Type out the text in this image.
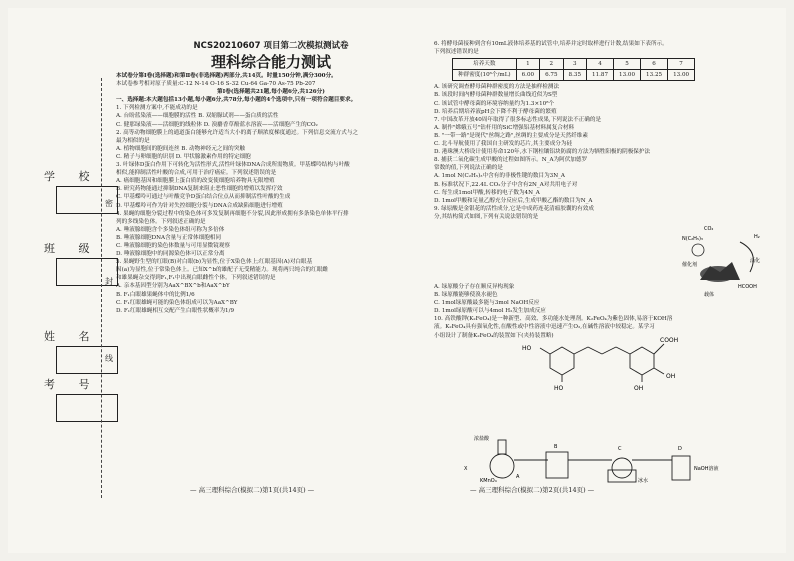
学 校
班 级
姓 名
考 号
密
封
线
NCS20210607 项目第二次模拟测试卷
理科综合能力测试
本试卷分第Ⅰ卷(选择题)和第Ⅱ卷(非选择题)两部分,共14页。时量150分钟,满分300分。
本试卷参考相对原子质量:C-12 N-14 O-16 S-32 Cu-64 Ga-70 As-75 Pb-207
第Ⅰ卷(选择题共21题,每小题6分,共126分)
一、选择题:本大题包括13小题,每小题6分,共78分,每小题的4个选项中,只有一项符合题目要求。
1. 下列检测方案中,不能成功的是
A. 台盼蓝染液——细胞膜的活性 B. 双缩脲试剂——蛋白质的活性
C. 健那绿染液——活细胞的线粒体 D. 溴麝香草酚蓝水溶液——活细胞产生的CO₂
2. 高等动物细胞膜上的通道蛋白能够允许适当大小的离子顺浓度梯度通过。下列信息交流方式与之
最为相似的是
A. 植物细胞间的胞间连丝 B. 动物神经元之间的突触
C. 精子与卵细胞的识别 D. 甲状腺激素作用的特定细胞
3. 叶绿体D蛋白作用下可转化为活性形式,活性叶绿体DNA合成所需物质。甲基蝶呤结构与叶酸
相似,能抑制活性叶酸的合成,可用于治疗癌症。下列叙述错误的是
A. 癌细胞基因和细胞膜上蛋白质的改变使细胞培养物具无限增殖
B. 研究药物能通过抑制DNA复制来阻止恶性细胞的增殖以发挥疗效
C. 甲基蝶呤可通过与叶酸竞争D蛋白结合位点从而抑制活性叶酸的生成
D. 甲基蝶呤可作为针对失控细胞分裂与DNA合成缺陷细胞进行增殖
4. 果蝇的细胞分裂过程中的染色体可多发复制再细胞不分裂,因此形成拥有多条染色单体平行排
列的多线染色体。下列叙述正确的是
A. 唾液腺细胞含个多染色体组可称为多倍体
B. 唾液腺细胞DNA含量与正常体细胞相同
C. 唾液腺细胞的染色体数量与可用显微镜观察
D. 唾液腺细胞中的同源染色体可以正常分离
5. 果蝇野生型的红眼(B)对白眼(b)为显性,位于X染色体上;红眼基因(A)对白眼基
因(a)为显性,位于常染色体上。已知X^b的雄配子无受精能力。现将两只纯合的红眼雌
和雄果蝇杂交得到F₁,F₁中出现白眼雌性个体。下列叙述错误的是
A. 亲本基因型分别为AaX^BX^b和AaX^bY
B. F₁白眼雄果蝇体中的比例1/6
C. F₁红眼雄蝇可能的染色体组成可以为AaX^BY
D. F₁红眼雄蝇相互交配产生白眼性状概率为1/9
— 高三理科综合(模拟二)第1页(共14页) —
6. 将酵母菌接种到含有10mL液体培养基的试管中,培养并定时取样进行计数,结果如下表所示。
下列叙述错误的是
培养天数	1	2	3	4	5	6	7
种群密度(10⁶个/mL)	6.00	6.75	8.35	11.87	13.00	13.25	13.00
A. 该研究调查酵母菌种群密度的方法是抽样检测法
B. 该段时间内酵母菌种群数量增长曲线近似为S型
C. 该试管中酵母菌的环境容纳量约为1.3×10⁸个
D. 培养后期培养液pH会下降不利于酵母菌的繁殖
7. 中国改革开放40周年取得了很多标志性成果,下列说法不正确的是
A. 制作"嫦娥五号"钻杆用的SiC增强铝基材料属复合材料
B. "一带一路"是现代"丝绸之路",丝绸的主要成分是天然纤维素
C. 北斗导航使用了我国自主研发的芯片,其主要成分为硅
D. 港珠澳大桥设计使用寿命120年,水下钢柱镶铝块防腐的方法为牺牲阳极的阴极保护法
8. 捕获二氧化碳生成甲酸的过程如图所示。N_A为阿伏加德罗
常数的值,下列说法正确的是
A. 1mol N(C₂H₅)₃中含有的非极性键的数目为3N_A
B. 标准状况下,22.4L CO₂分子中含有2N_A对共用电子对
C. 每生成1mol甲酸,转移的电子数为4N_A
D. 1mol甲酸和足量乙醇充分反应后,生成甲酸乙酯的数目为N_A
9. 绿原酸是金银花的活性成分,它是中成药连花清瘟胶囊的有效成
分,其结构简式如图,下列有关说法错误的是
A. 绿原酸分子存在顺反异构现象
B. 绿原酸能够使溴水褪色
C. 1mol绿原酸最多能与3mol NaOH反应
D. 1mol绿原酸可以与4mol H₂发生加成反应
10. 高铁酸钾(K₂FeO₄)是一种新型、高效、多功能水处理剂。K₂FeO₄为紫色固体,易溶于KOH溶
液。K₂FeO₄具有强氧化性,在酸性或中性溶液中迅速产生O₂,在碱性溶液中较稳定。某学习
小组设计了制备K₂FeO₄的装置如下(夹持装置略)
— 高三理科综合(模拟二)第2页(共14页) —
CO₂
N(C₂H₅)₃	H₂
HCOOH
催化剂
载体
活化
HO
HO
COOH
OH
OH
浓盐酸
KMnO₄
A
B	C	D
X	NaOH溶液
冰水
